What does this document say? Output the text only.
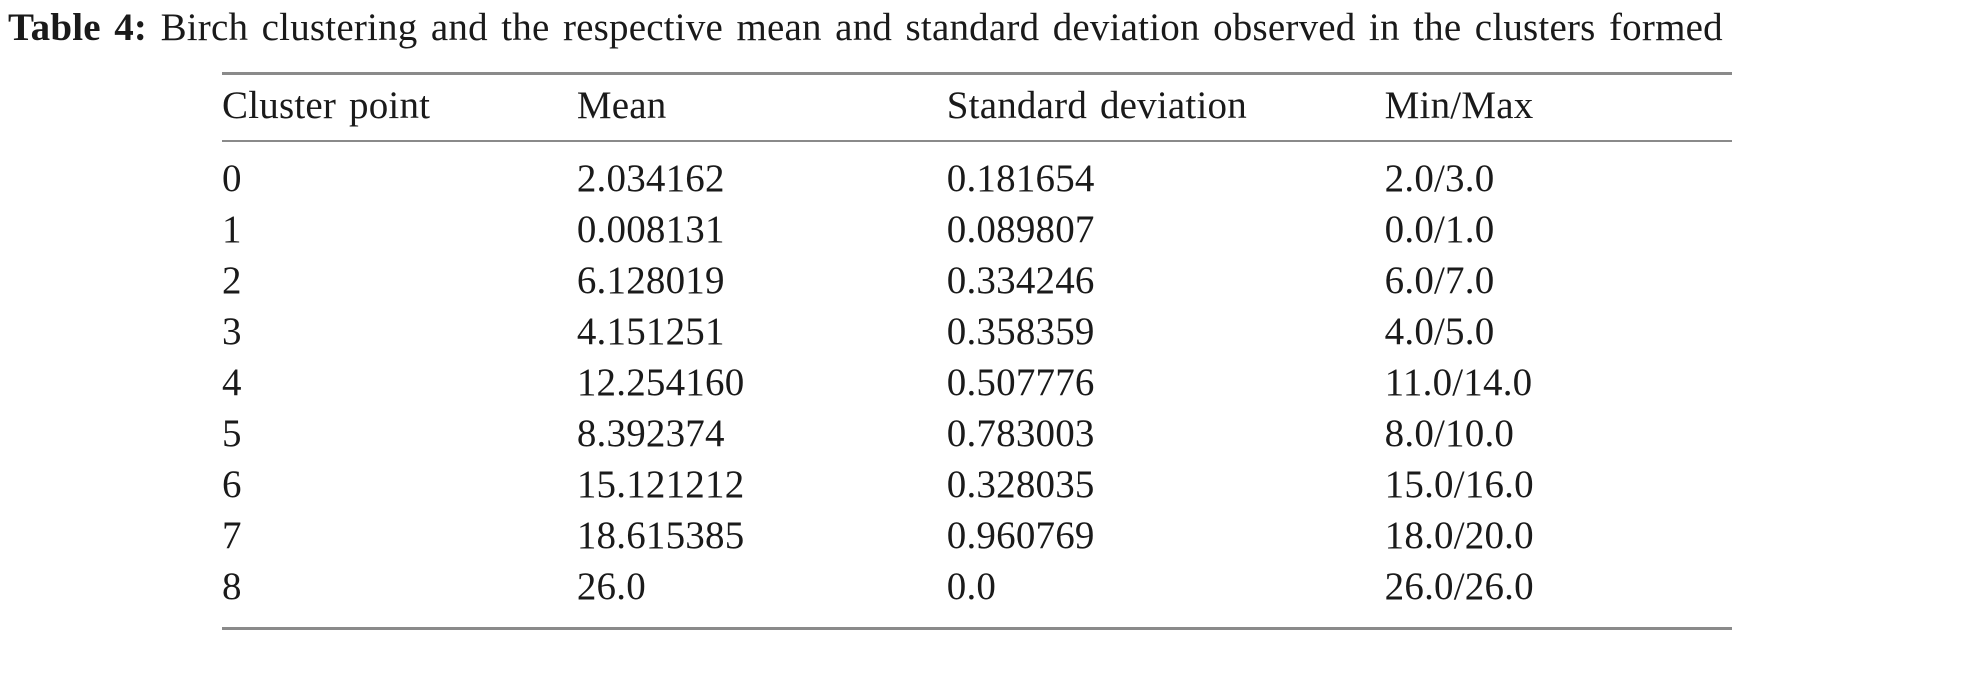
Table 4: Birch clustering and the respective mean and standard deviation observed in the clusters formed
Cluster point	Mean	Standard deviation	Min/Max
0	2.034162	0.181654	2.0/3.0
1	0.008131	0.089807	0.0/1.0
2	6.128019	0.334246	6.0/7.0
3	4.151251	0.358359	4.0/5.0
4	12.254160	0.507776	11.0/14.0
5	8.392374	0.783003	8.0/10.0
6	15.121212	0.328035	15.0/16.0
7	18.615385	0.960769	18.0/20.0
8	26.0	0.0	26.0/26.0
